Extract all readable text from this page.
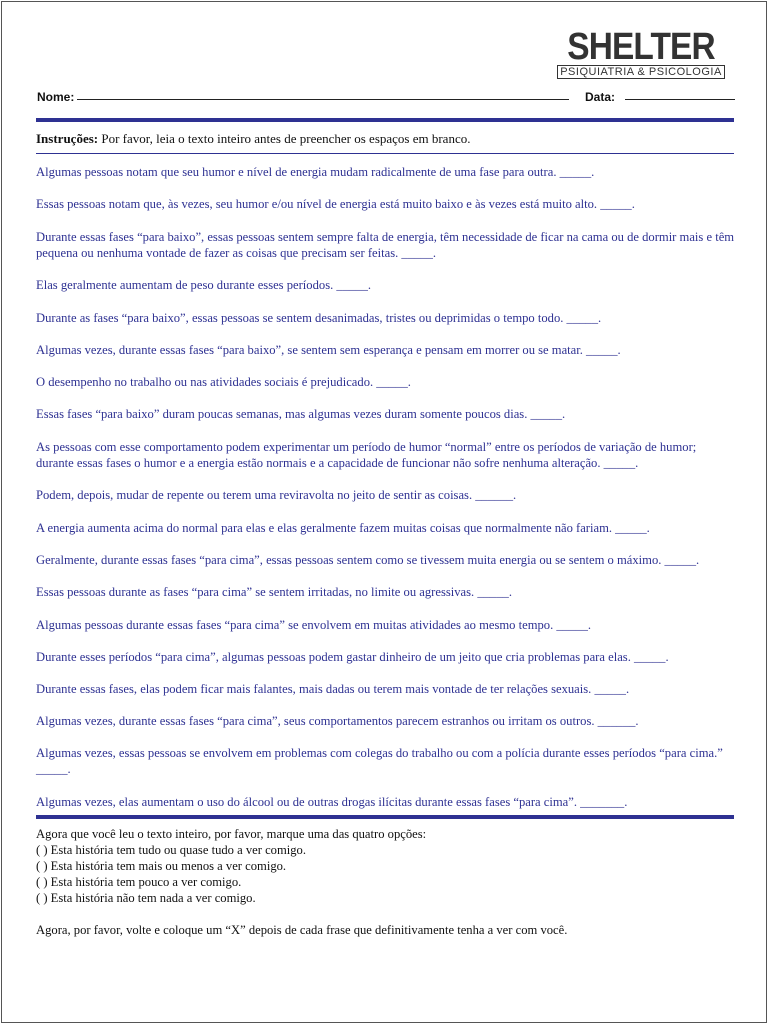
SHELTER
PSIQUIATRIA & PSICOLOGIA
Nome:	Data:
Instruções: Por favor, leia o texto inteiro antes de preencher os espaços em branco.
Algumas pessoas notam que seu humor e nível de energia mudam radicalmente de uma fase para outra. _____.
Essas pessoas notam que, às vezes, seu humor e/ou nível de energia está muito baixo e às vezes está muito alto. _____.
Durante essas fases “para baixo”, essas pessoas sentem sempre falta de energia, têm necessidade de ficar na cama ou de dormir mais e têm pequena ou nenhuma vontade de fazer as coisas que precisam ser feitas. _____.
Elas geralmente aumentam de peso durante esses períodos. _____.
Durante as fases “para baixo”, essas pessoas se sentem desanimadas, tristes ou deprimidas o tempo todo. _____.
Algumas vezes, durante essas fases “para baixo”, se sentem sem esperança e pensam em morrer ou se matar. _____.
O desempenho no trabalho ou nas atividades sociais é prejudicado. _____.
Essas fases “para baixo” duram poucas semanas, mas algumas vezes duram somente poucos dias. _____.
As pessoas com esse comportamento podem experimentar um período de humor “normal” entre os períodos de variação de humor; durante essas fases o humor e a energia estão normais e a capacidade de funcionar não sofre nenhuma alteração. _____.
Podem, depois, mudar de repente ou terem uma reviravolta no jeito de sentir as coisas. ______.
A energia aumenta acima do normal para elas e elas geralmente fazem muitas coisas que normalmente não fariam. _____.
Geralmente, durante essas fases “para cima”, essas pessoas sentem como se tivessem muita energia ou se sentem o máximo. _____.
Essas pessoas durante as fases “para cima” se sentem irritadas, no limite ou agressivas. _____.
Algumas pessoas durante essas fases “para cima” se envolvem em muitas atividades ao mesmo tempo. _____.
Durante esses períodos “para cima”, algumas pessoas podem gastar dinheiro de um jeito que cria problemas para elas. _____.
Durante essas fases, elas podem ficar mais falantes, mais dadas ou terem mais vontade de ter relações sexuais. _____.
Algumas vezes, durante essas fases “para cima”, seus comportamentos parecem estranhos ou irritam os outros. ______.
Algumas vezes, essas pessoas se envolvem em problemas com colegas do trabalho ou com a polícia durante esses períodos “para cima.” _____.
Algumas vezes, elas aumentam o uso do álcool ou de outras drogas ilícitas durante essas fases “para cima”. _______.
Agora que você leu o texto inteiro, por favor, marque uma das quatro opções:
( ) Esta história tem tudo ou quase tudo a ver comigo.
( ) Esta história tem mais ou menos a ver comigo.
( ) Esta história tem pouco a ver comigo.
( ) Esta história não tem nada a ver comigo.
Agora, por favor, volte e coloque um “X” depois de cada frase que definitivamente tenha a ver com você.
